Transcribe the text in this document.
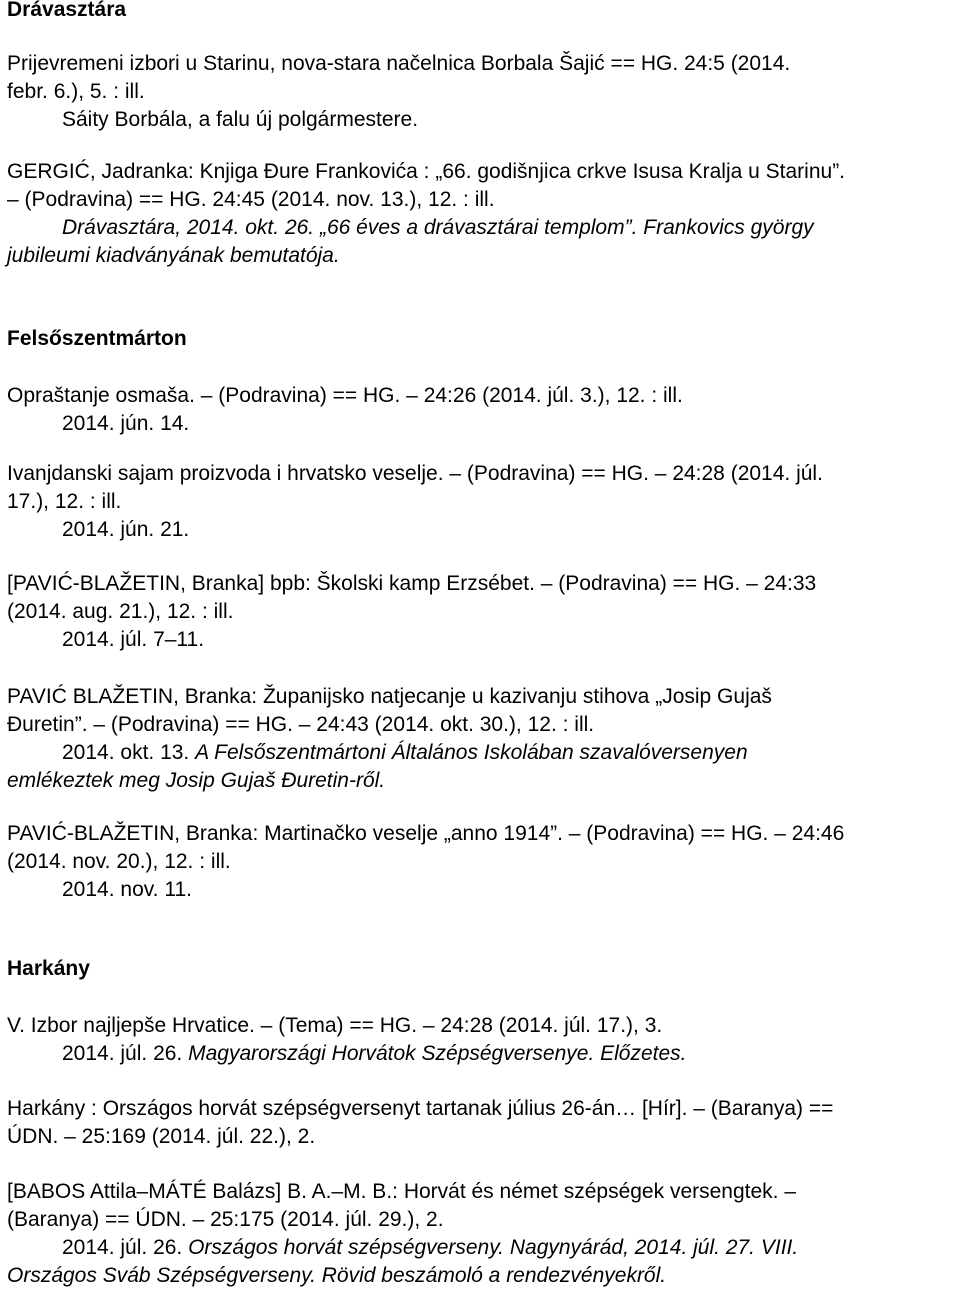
Drávasztára
Prijevremeni izbori u Starinu, nova-stara načelnica Borbala Šajić == HG. 24:5 (2014.
febr. 6.), 5. : ill.
Sáity Borbála, a falu új polgármestere.
GERGIĆ, Jadranka: Knjiga Đure Frankovića : „66. godišnjica crkve Isusa Kralja u Starinu”.
– (Podravina) == HG. 24:45 (2014. nov. 13.), 12. : ill.
Drávasztára, 2014. okt. 26. „66 éves a drávasztárai templom”. Frankovics györgy
jubileumi kiadványának bemutatója.
Felsőszentmárton
Opraštanje osmaša. – (Podravina) == HG. – 24:26 (2014. júl. 3.), 12. : ill.
2014. jún. 14.
Ivanjdanski sajam proizvoda i hrvatsko veselje. – (Podravina) == HG. – 24:28 (2014. júl.
17.), 12. : ill.
2014. jún. 21.
[PAVIĆ-BLAŽETIN, Branka] bpb: Školski kamp Erzsébet. – (Podravina) == HG. – 24:33
(2014. aug. 21.), 12. : ill.
2014. júl. 7–11.
PAVIĆ BLAŽETIN, Branka: Županijsko natjecanje u kazivanju stihova „Josip Gujaš
Đuretin”. – (Podravina) == HG. – 24:43 (2014. okt. 30.), 12. : ill.
2014. okt. 13. A Felsőszentmártoni Általános Iskolában szavalóversenyen
emlékeztek meg Josip Gujaš Đuretin-ről.
PAVIĆ-BLAŽETIN, Branka: Martinačko veselje „anno 1914”. – (Podravina) == HG. – 24:46
(2014. nov. 20.), 12. : ill.
2014. nov. 11.
Harkány
V. Izbor najljepše Hrvatice. – (Tema) == HG. – 24:28 (2014. júl. 17.), 3.
2014. júl. 26. Magyarországi Horvátok Szépségversenye. Előzetes.
Harkány : Országos horvát szépségversenyt tartanak július 26-án… [Hír]. – (Baranya) ==
ÚDN. – 25:169 (2014. júl. 22.), 2.
[BABOS Attila–MÁTÉ Balázs] B. A.–M. B.: Horvát és német szépségek versengtek. –
(Baranya) == ÚDN. – 25:175 (2014. júl. 29.), 2.
2014. júl. 26. Országos horvát szépségverseny. Nagynyárád, 2014. júl. 27. VIII.
Országos Sváb Szépségverseny. Rövid beszámoló a rendezvényekről.
